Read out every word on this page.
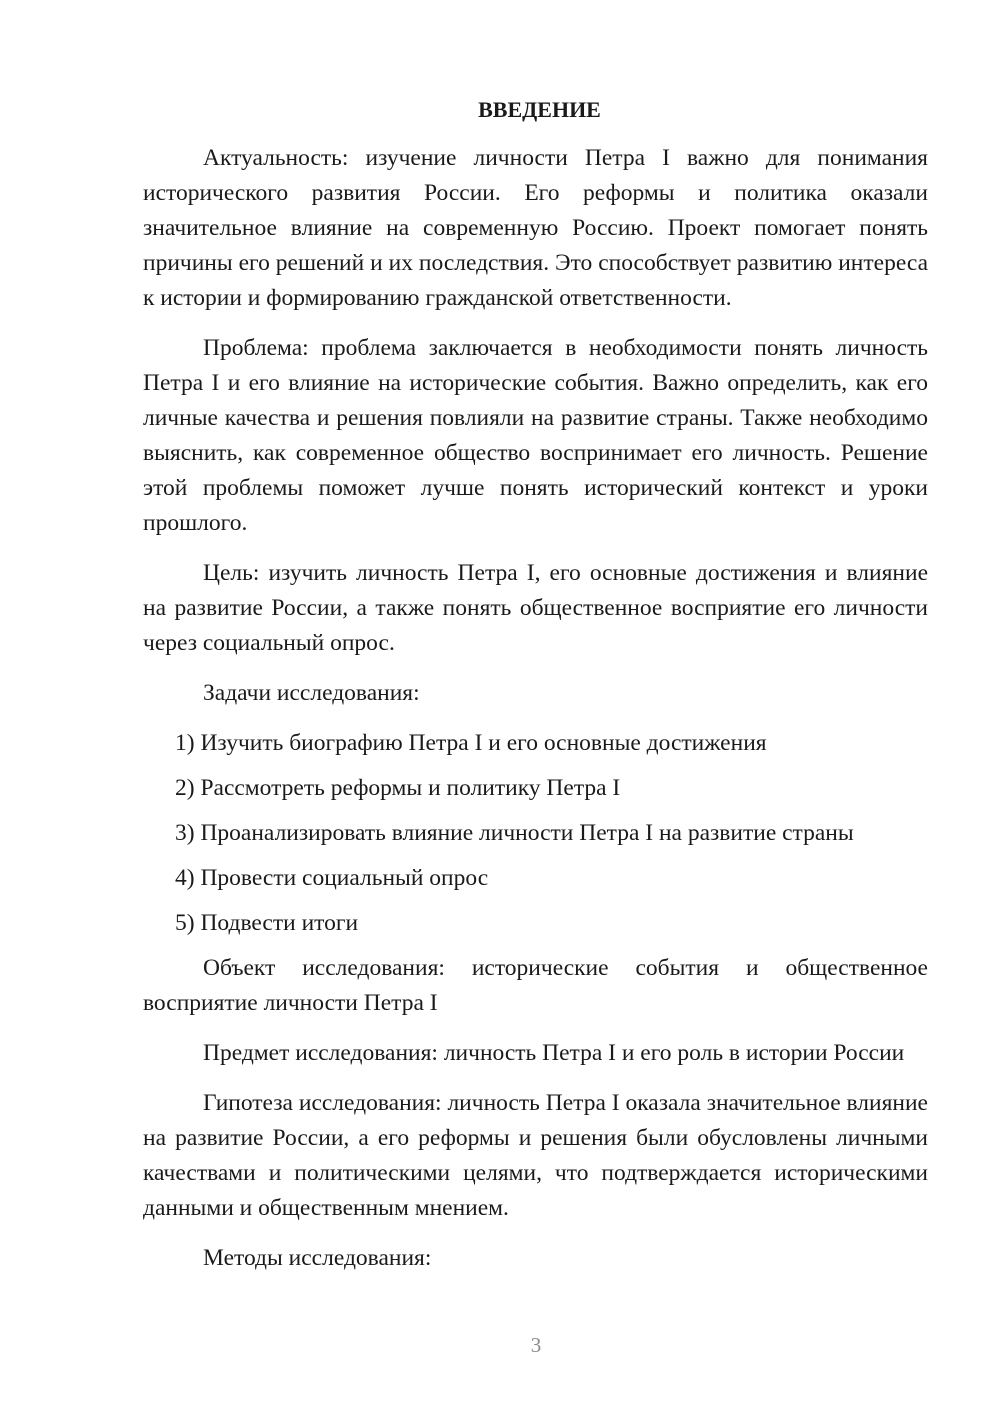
ВВЕДЕНИЕ

Актуальность: изучение личности Петра I важно для понимания исторического развития России. Его реформы и политика оказали значительное влияние на современную Россию. Проект помогает понять причины его решений и их последствия. Это способствует развитию интереса к истории и формированию гражданской ответственности.

Проблема: проблема заключается в необходимости понять личность Петра I и его влияние на исторические события. Важно определить, как его личные качества и решения повлияли на развитие страны. Также необходимо выяснить, как современное общество воспринимает его личность. Решение этой проблемы поможет лучше понять исторический контекст и уроки прошлого.

Цель: изучить личность Петра I, его основные достижения и влияние на развитие России, а также понять общественное восприятие его личности через социальный опрос.

Задачи исследования:

1) Изучить биографию Петра I и его основные достижения
2) Рассмотреть реформы и политику Петра I
3) Проанализировать влияние личности Петра I на развитие страны
4) Провести социальный опрос
5) Подвести итоги

Объект исследования: исторические события и общественное восприятие личности Петра I

Предмет исследования: личность Петра I и его роль в истории России

Гипотеза исследования: личность Петра I оказала значительное влияние на развитие России, а его реформы и решения были обусловлены личными качествами и политическими целями, что подтверждается историческими данными и общественным мнением.

Методы исследования:

3
